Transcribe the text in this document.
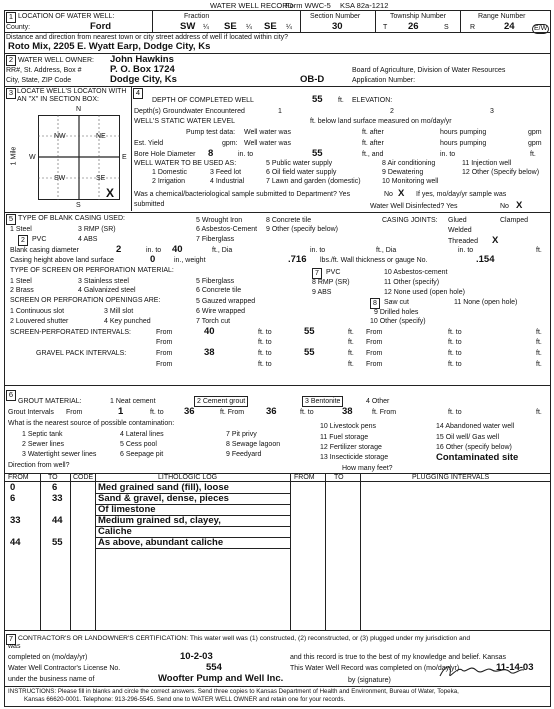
WATER WELL RECORD
Form WWC-5 KSA 82a-1212
1 LOCATION OF WATER WELL:
County:	Ford
Fraction
SW ¼ SE ¼ SE ¼
Section Number
30
Township Number
T 26	S
Range Number
R	24	E/W
Distance and direction from nearest town or city street address of well if located within city?
Roto Mix, 2205 E. Wyatt Earp, Dodge City, Ks
2 WATER WELL OWNER: John Hawkins
RR#, St. Address, Box #	P. O. Box 1724
City, State, ZIP Code	Dodge City, Ks	OB-D
Board of Agriculture, Division of Water Resources
Application Number:
3 LOCATE WELL'S LOCATON WITH
AN "X" IN SECTION BOX:
N
S
W	E
1 Mile
NW	NE
SW	SE
X
4
DEPTH OF COMPLETED WELL	55 ft. ELEVATION:
Depth(s) Groundwater Encountered	1	2	3
WELL'S STATIC WATER LEVEL	ft. below land surface measured on mo/day/yr
Pump test data: Well water was	ft. after	hours pumping	gpm
Est. Yield	gpm: Well water was	ft. after	hours pumping	gpm
Bore Hole Diameter 8	in. to	55	ft., and	in. to	ft.
WELL WATER TO BE USED AS:
1 Domestic	3 Feed lot
5 Public water supply	8 Air conditioning	11 Injection well
2 Irrigation	4 Industrial
6 Oil field water supply	9 Dewatering	12 Other (Specify below)
7 Lawn and garden (domestic)	10 Monitoring well
Was a chemical/bacteriological sample submitted to Department? Yes	No X If yes, mo/day/yr sample was
submitted	Water Well Disinfected? Yes	No X
5 TYPE OF BLANK CASING USED:
1 Steel	3 RMP (SR)
5 Wrought Iron	8 Concrete tile
2	PVC	4 ABS
6 Asbestos-Cement 9 Other (specify below)
7 Fiberglass
CASING JOINTS: Glued	Clamped
Welded
Threaded X
Blank casing diameter	2	in. to 40	ft., Dia	in. to	ft., Dia	in. to	ft.
Casing height above land surface	0	in., weight	.716 lbs./ft. Wall thickness or gauge No.	.154
TYPE OF SCREEN OR PERFORATION MATERIAL:
1 Steel	3 Stainless steel	5 Fiberglass
7	PVC	10 Asbestos-cement
2 Brass	4 Galvanized steel	6 Concrete tile
8 RMP (SR)	11 Other (specify)
9 ABS	12 None used (open hole)
SCREEN OR PERFORATION OPENINGS ARE:	5 Gauzed wrapped	8	Saw cut	11 None (open hole)
1 Continuous slot	3 Mill slot	6 Wire wrapped	9 Drilled holes
2 Louvered shutter	4 Key punched	7 Torch cut	10 Other (specify)
SCREEN-PERFORATED INTERVALS:	From	40	ft. to	55	ft. From	ft. to	ft.
From	ft. to	ft. From	ft. to	ft.
GRAVEL PACK INTERVALS:	From	38	ft. to	55	ft. From	ft. to	ft.
From	ft. to	ft. From	ft. to	ft.
6
GROUT MATERIAL:	1 Neat cement	2 Cement grout	3 Bentonite	4 Other
Grout Intervals From	1	ft. to 36	ft. From 36	ft. to	38	ft. From	ft. to	ft.
What is the nearest source of possible contamination:
1 Septic tank	4 Lateral lines	7 Pit privy
10 Livestock pens	14 Abandoned water well
2 Sewer lines	5 Cess pool	8 Sewage lagoon
11 Fuel storage	15 Oil well/ Gas well
3 Watertight sewer lines	6 Seepage pit	9 Feedyard
12 Fertilizer storage	16 Other (specify below)
13 Insecticide storage	Contaminated site
Direction from well?	How many feet?
FROM	TO CODE	LITHOLOGIC LOG	FROM	TO	PLUGGING INTERVALS
0	6	Med grained sand (fill), loose
6	33	Sand & gravel, dense, pieces
Of limestone
33	44	Medium grained sd, clayey,
Caliche
44	55	As above, abundant caliche
7 CONTRACTOR'S OR LANDOWNER'S CERTIFICATION: This water well was (1) constructed, (2) reconstructed, or (3) plugged under my jurisdiction and
was
completed on (mo/day/yr)	10-2-03	and this record is true to the best of my knowledge and belief. Kansas
Water Well Contractor's License No.	554	This Water Well Record was completed on (mo/day/yr)	11-14-03
under the business name of	Woofter Pump and Well Inc.	by (signature)
INSTRUCTIONS: Please fill in blanks and circle the correct answers. Send three copies to Kansas Department of Health and Environment, Bureau of Water, Topeka,
Kansas 66620-0001. Telephone: 913-296-5545. Send one to WATER WELL OWNER and retain one for your records.
